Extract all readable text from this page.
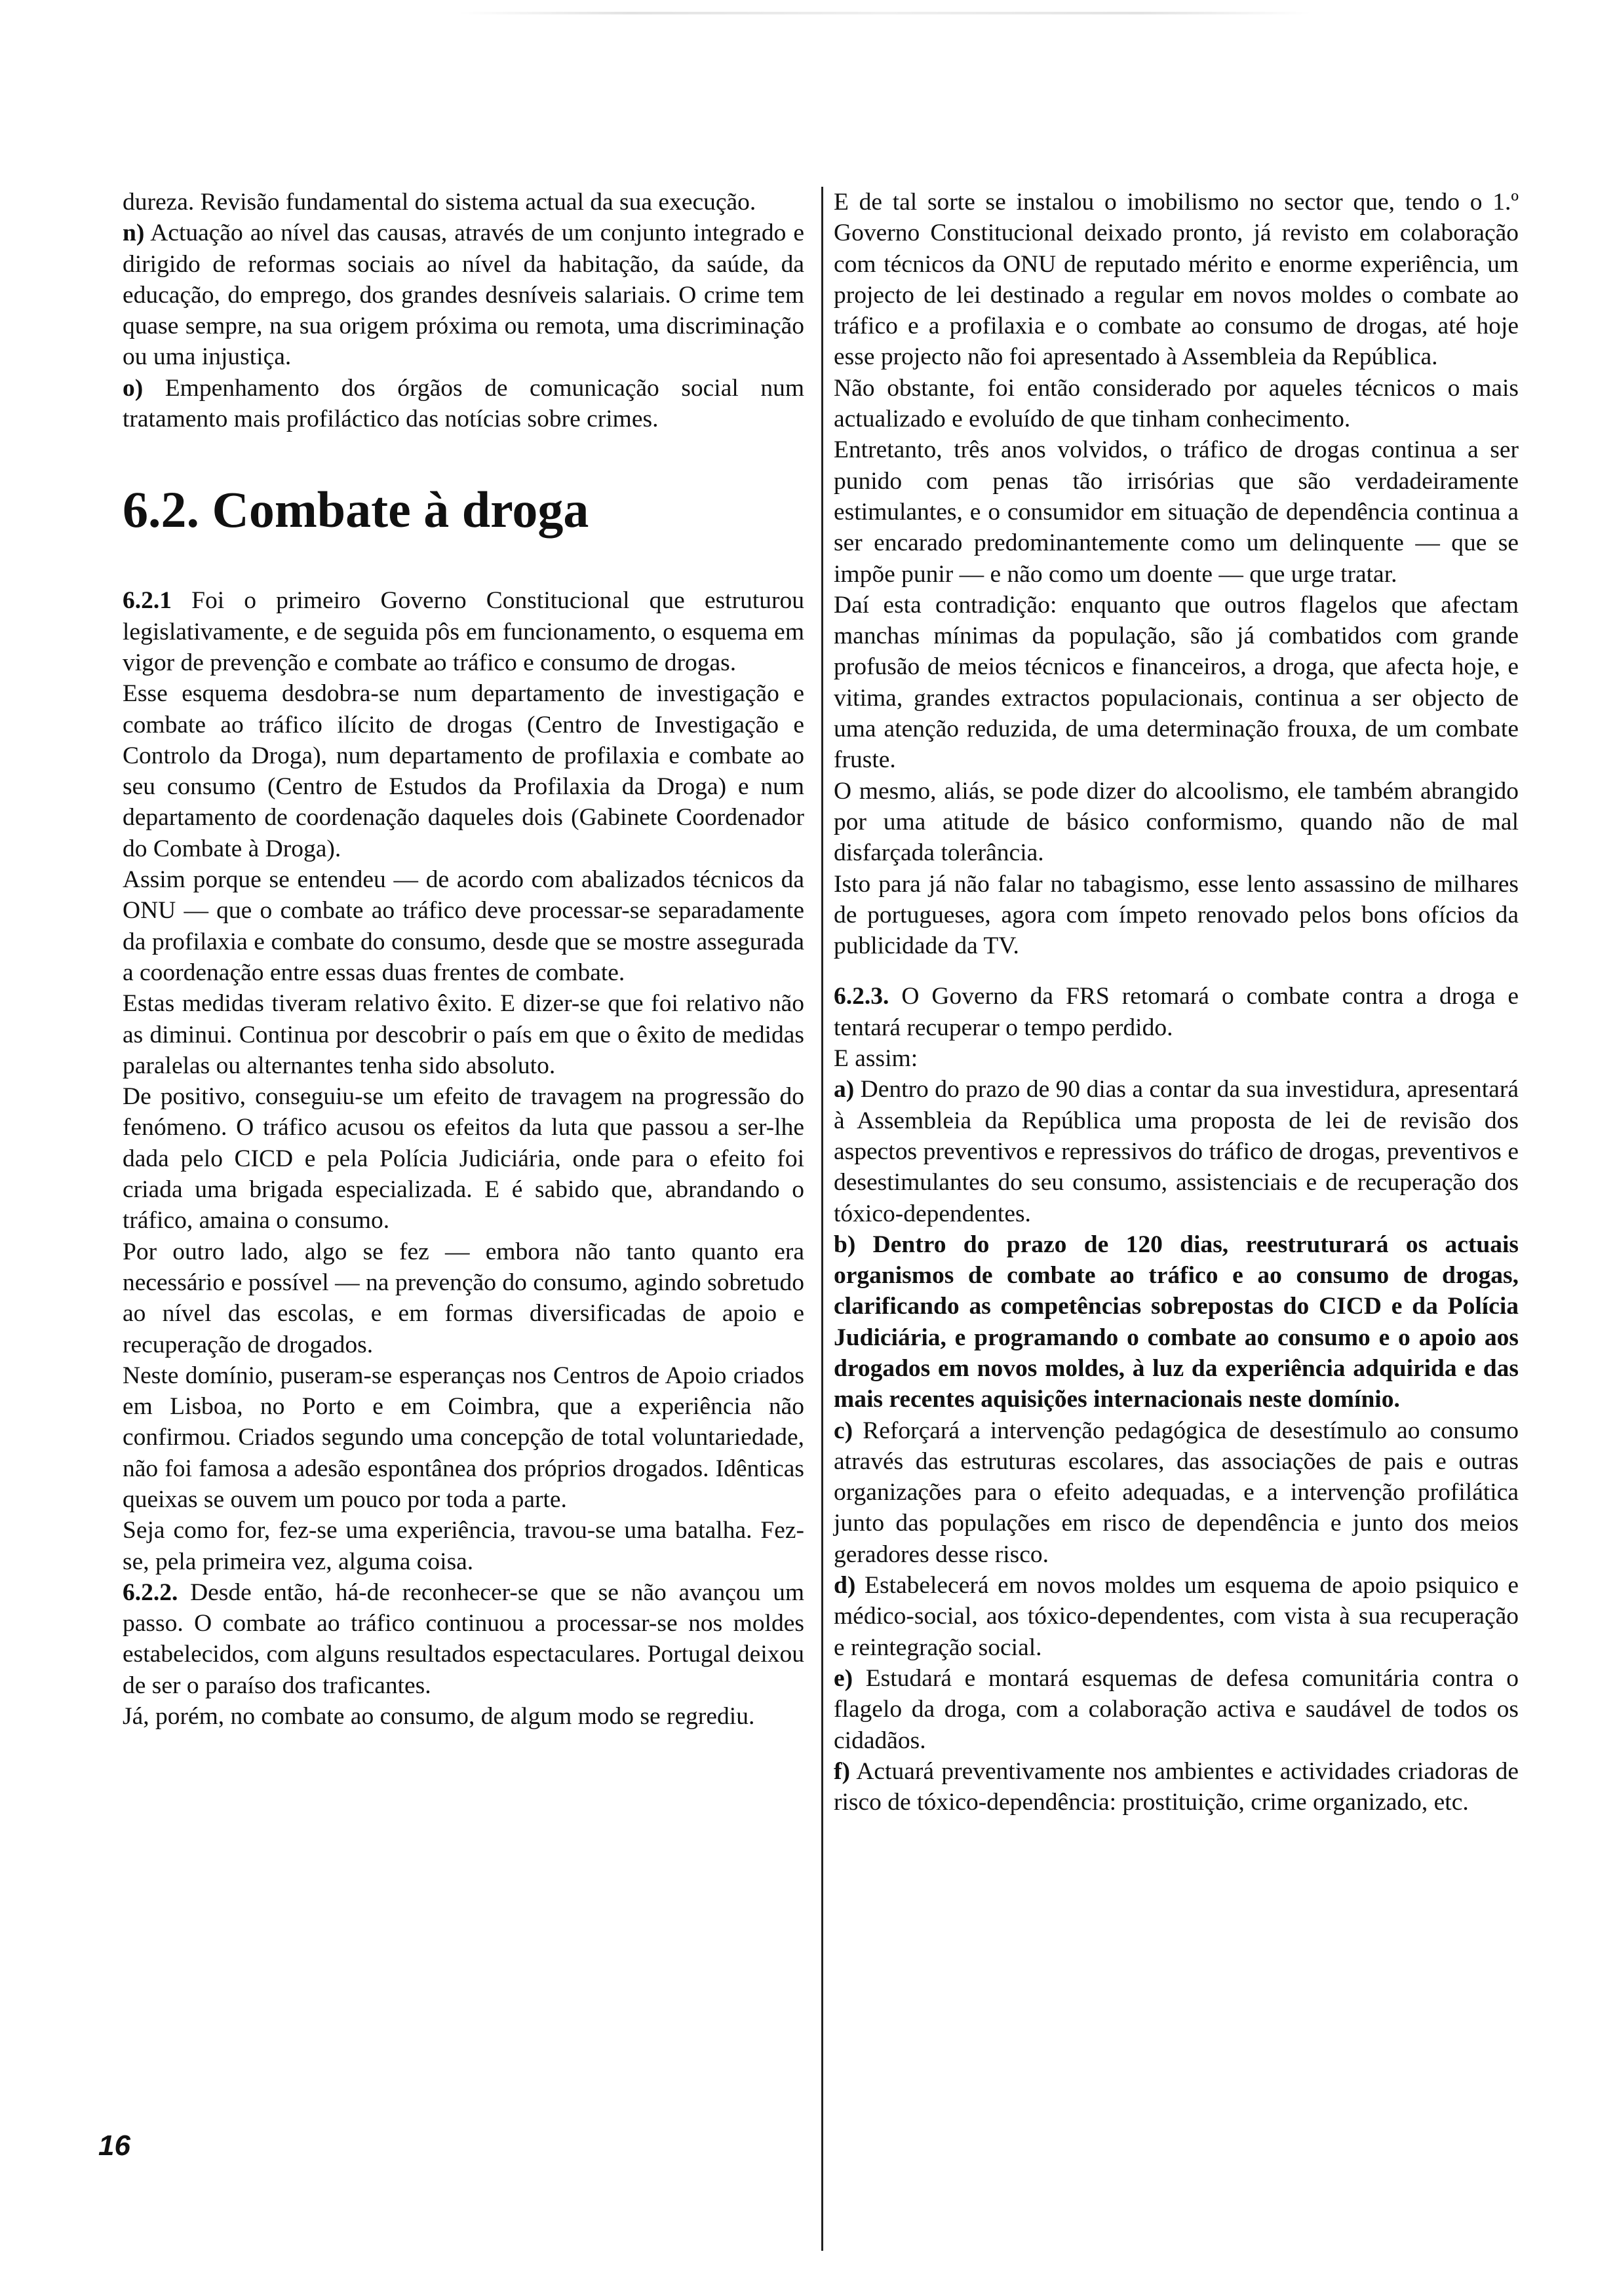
dureza. Revisão fundamental do sistema actual da sua execução.

n) Actuação ao nível das causas, através de um conjunto integrado e dirigido de reformas sociais ao nível da habitação, da saúde, da educação, do emprego, dos grandes desníveis salariais. O crime tem quase sempre, na sua origem próxima ou remota, uma discriminação ou uma injustiça.

o) Empenhamento dos órgãos de comunicação social num tratamento mais profiláctico das notícias sobre crimes.

6.2. Combate à droga

6.2.1 Foi o primeiro Governo Constitucional que estruturou legislativamente, e de seguida pôs em funcionamento, o esquema em vigor de prevenção e combate ao tráfico e consumo de drogas.

Esse esquema desdobra-se num departamento de investigação e combate ao tráfico ilícito de drogas (Centro de Investigação e Controlo da Droga), num departamento de profilaxia e combate ao seu consumo (Centro de Estudos da Profilaxia da Droga) e num departamento de coordenação daqueles dois (Gabinete Coordenador do Combate à Droga).

Assim porque se entendeu — de acordo com abalizados técnicos da ONU — que o combate ao tráfico deve processar-se separadamente da profilaxia e combate do consumo, desde que se mostre assegurada a coordenação entre essas duas frentes de combate.

Estas medidas tiveram relativo êxito. E dizer-se que foi relativo não as diminui. Continua por descobrir o país em que o êxito de medidas paralelas ou alternantes tenha sido absoluto.

De positivo, conseguiu-se um efeito de travagem na progressão do fenómeno. O tráfico acusou os efeitos da luta que passou a ser-lhe dada pelo CICD e pela Polícia Judiciária, onde para o efeito foi criada uma brigada especializada. E é sabido que, abrandando o tráfico, amaina o consumo.

Por outro lado, algo se fez — embora não tanto quanto era necessário e possível — na prevenção do consumo, agindo sobretudo ao nível das escolas, e em formas diversificadas de apoio e recuperação de drogados.

Neste domínio, puseram-se esperanças nos Centros de Apoio criados em Lisboa, no Porto e em Coimbra, que a experiência não confirmou. Criados segundo uma concepção de total voluntariedade, não foi famosa a adesão espontânea dos próprios drogados. Idênticas queixas se ouvem um pouco por toda a parte.

Seja como for, fez-se uma experiência, travou-se uma batalha. Fez-se, pela primeira vez, alguma coisa.

6.2.2. Desde então, há-de reconhecer-se que se não avançou um passo. O combate ao tráfico continuou a processar-se nos moldes estabelecidos, com alguns resultados espectaculares. Portugal deixou de ser o paraíso dos traficantes.

Já, porém, no combate ao consumo, de algum modo se regrediu.

E de tal sorte se instalou o imobilismo no sector que, tendo o 1.º Governo Constitucional deixado pronto, já revisto em colaboração com técnicos da ONU de reputado mérito e enorme experiência, um projecto de lei destinado a regular em novos moldes o combate ao tráfico e a profilaxia e o combate ao consumo de drogas, até hoje esse projecto não foi apresentado à Assembleia da República.

Não obstante, foi então considerado por aqueles técnicos o mais actualizado e evoluído de que tinham conhecimento.

Entretanto, três anos volvidos, o tráfico de drogas continua a ser punido com penas tão irrisórias que são verdadeiramente estimulantes, e o consumidor em situação de dependência continua a ser encarado predominantemente como um delinquente — que se impõe punir — e não como um doente — que urge tratar.

Daí esta contradição: enquanto que outros flagelos que afectam manchas mínimas da população, são já combatidos com grande profusão de meios técnicos e financeiros, a droga, que afecta hoje, e vitima, grandes extractos populacionais, continua a ser objecto de uma atenção reduzida, de uma determinação frouxa, de um combate fruste.

O mesmo, aliás, se pode dizer do alcoolismo, ele também abrangido por uma atitude de básico conformismo, quando não de mal disfarçada tolerância.

Isto para já não falar no tabagismo, esse lento assassino de milhares de portugueses, agora com ímpeto renovado pelos bons ofícios da publicidade da TV.

6.2.3. O Governo da FRS retomará o combate contra a droga e tentará recuperar o tempo perdido.

E assim:

a) Dentro do prazo de 90 dias a contar da sua investidura, apresentará à Assembleia da República uma proposta de lei de revisão dos aspectos preventivos e repressivos do tráfico de drogas, preventivos e desestimulantes do seu consumo, assistenciais e de recuperação dos tóxico-dependentes.

b) Dentro do prazo de 120 dias, reestruturará os actuais organismos de combate ao tráfico e ao consumo de drogas, clarificando as competências sobrepostas do CICD e da Polícia Judiciária, e programando o combate ao consumo e o apoio aos drogados em novos moldes, à luz da experiência adquirida e das mais recentes aquisições internacionais neste domínio.

c) Reforçará a intervenção pedagógica de desestímulo ao consumo através das estruturas escolares, das associações de pais e outras organizações para o efeito adequadas, e a intervenção profilática junto das populações em risco de dependência e junto dos meios geradores desse risco.

d) Estabelecerá em novos moldes um esquema de apoio psiquico e médico-social, aos tóxico-dependentes, com vista à sua recuperação e reintegração social.

e) Estudará e montará esquemas de defesa comunitária contra o flagelo da droga, com a colaboração activa e saudável de todos os cidadãos.

f) Actuará preventivamente nos ambientes e actividades criadoras de risco de tóxico-dependência: prostituição, crime organizado, etc.

16
